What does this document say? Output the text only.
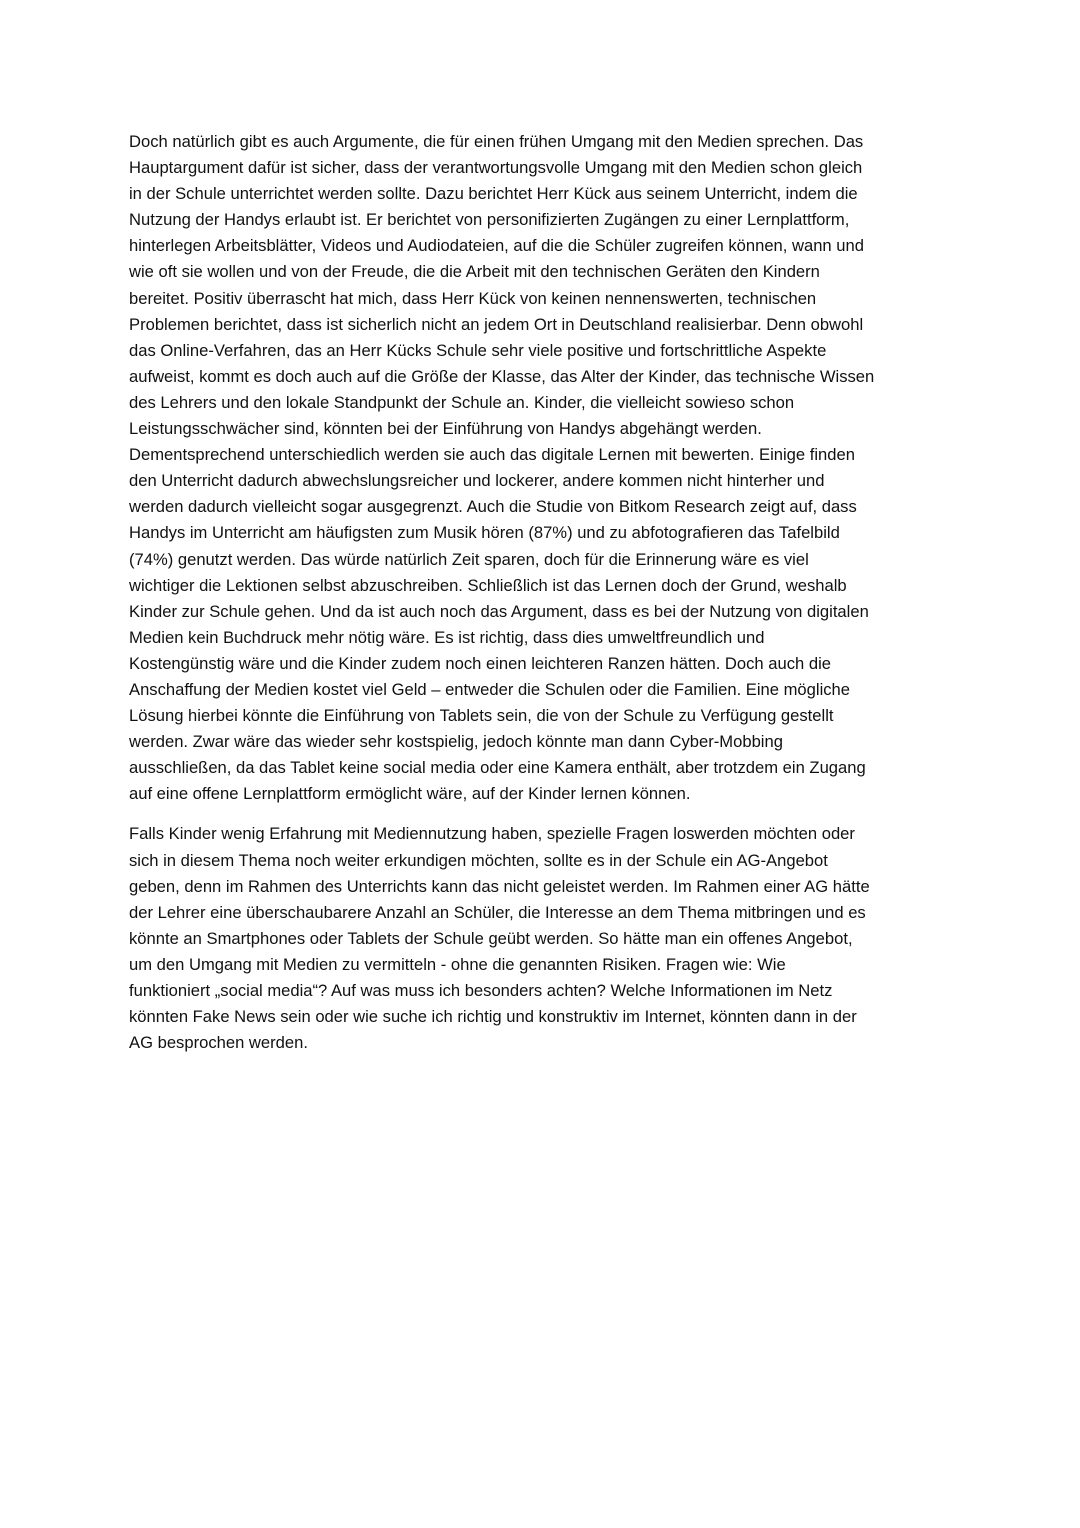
Doch natürlich gibt es auch Argumente, die für einen frühen Umgang mit den Medien sprechen. Das
Hauptargument dafür ist sicher, dass der verantwortungsvolle Umgang mit den Medien schon gleich
in der Schule unterrichtet werden sollte. Dazu berichtet Herr Kück aus seinem Unterricht, indem die
Nutzung der Handys erlaubt ist. Er berichtet von personifizierten Zugängen zu einer Lernplattform,
hinterlegen Arbeitsblätter, Videos und Audiodateien, auf die die Schüler zugreifen können, wann und
wie oft sie wollen und von der Freude, die die Arbeit mit den technischen Geräten den Kindern
bereitet. Positiv überrascht hat mich, dass Herr Kück von keinen nennenswerten, technischen
Problemen berichtet, dass ist sicherlich nicht an jedem Ort in Deutschland realisierbar. Denn obwohl
das Online-Verfahren, das an Herr Kücks Schule sehr viele positive und fortschrittliche Aspekte
aufweist, kommt es doch auch auf die Größe der Klasse, das Alter der Kinder, das technische Wissen
des Lehrers und den lokale Standpunkt der Schule an. Kinder, die vielleicht sowieso schon
Leistungsschwächer sind, könnten bei der Einführung von Handys abgehängt werden.
Dementsprechend unterschiedlich werden sie auch das digitale Lernen mit bewerten. Einige finden
den Unterricht dadurch abwechslungsreicher und lockerer, andere kommen nicht hinterher und
werden dadurch vielleicht sogar ausgegrenzt. Auch die Studie von Bitkom Research zeigt auf, dass
Handys im Unterricht am häufigsten zum Musik hören (87%) und zu abfotografieren das Tafelbild
(74%) genutzt werden. Das würde natürlich Zeit sparen, doch für die Erinnerung wäre es viel
wichtiger die Lektionen selbst abzuschreiben. Schließlich ist das Lernen doch der Grund, weshalb
Kinder zur Schule gehen. Und da ist auch noch das Argument, dass es bei der Nutzung von digitalen
Medien kein Buchdruck mehr nötig wäre. Es ist richtig, dass dies umweltfreundlich und
Kostengünstig wäre und die Kinder zudem noch einen leichteren Ranzen hätten. Doch auch die
Anschaffung der Medien kostet viel Geld – entweder die Schulen oder die Familien. Eine mögliche
Lösung hierbei könnte die Einführung von Tablets sein, die von der Schule zu Verfügung gestellt
werden. Zwar wäre das wieder sehr kostspielig, jedoch könnte man dann Cyber-Mobbing
ausschließen, da das Tablet keine social media oder eine Kamera enthält, aber trotzdem ein Zugang
auf eine offene Lernplattform ermöglicht wäre, auf der Kinder lernen können.

Falls Kinder wenig Erfahrung mit Mediennutzung haben, spezielle Fragen loswerden möchten oder
sich in diesem Thema noch weiter erkundigen möchten, sollte es in der Schule ein AG-Angebot
geben, denn im Rahmen des Unterrichts kann das nicht geleistet werden. Im Rahmen einer AG hätte
der Lehrer eine überschaubarere Anzahl an Schüler, die Interesse an dem Thema mitbringen und es
könnte an Smartphones oder Tablets der Schule geübt werden. So hätte man ein offenes Angebot,
um den Umgang mit Medien zu vermitteln - ohne die genannten Risiken. Fragen wie: Wie
funktioniert „social media“? Auf was muss ich besonders achten? Welche Informationen im Netz
könnten Fake News sein oder wie suche ich richtig und konstruktiv im Internet, könnten dann in der
AG besprochen werden.
